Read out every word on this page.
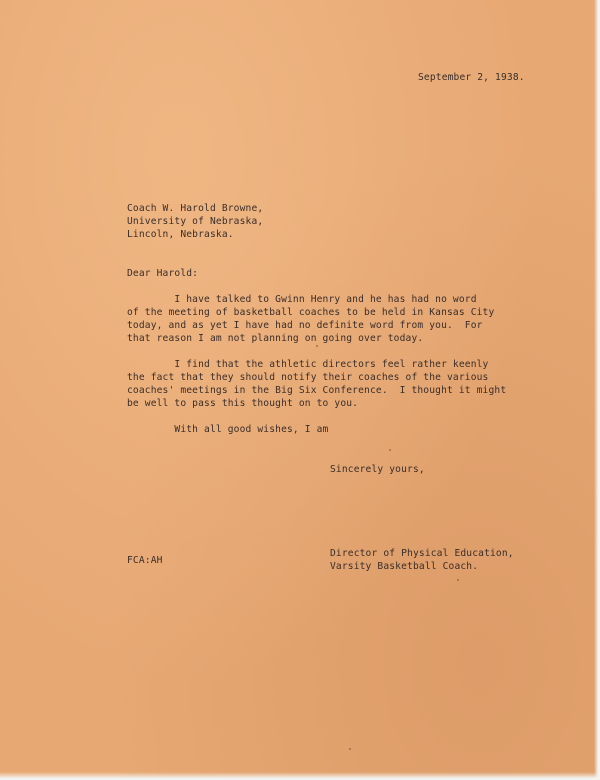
September 2, 1938.
Coach W. Harold Browne,
University of Nebraska,
Lincoln, Nebraska.
Dear Harold:
I have talked to Gwinn Henry and he has had no word
of the meeting of basketball coaches to be held in Kansas City
today, and as yet I have had no definite word from you.  For
that reason I am not planning on going over today.
I find that the athletic directors feel rather keenly
the fact that they should notify their coaches of the various
coaches' meetings in the Big Six Conference.  I thought it might
be well to pass this thought on to you.
With all good wishes, I am
Sincerely yours,
FCA:AH
Director of Physical Education,
Varsity Basketball Coach.
